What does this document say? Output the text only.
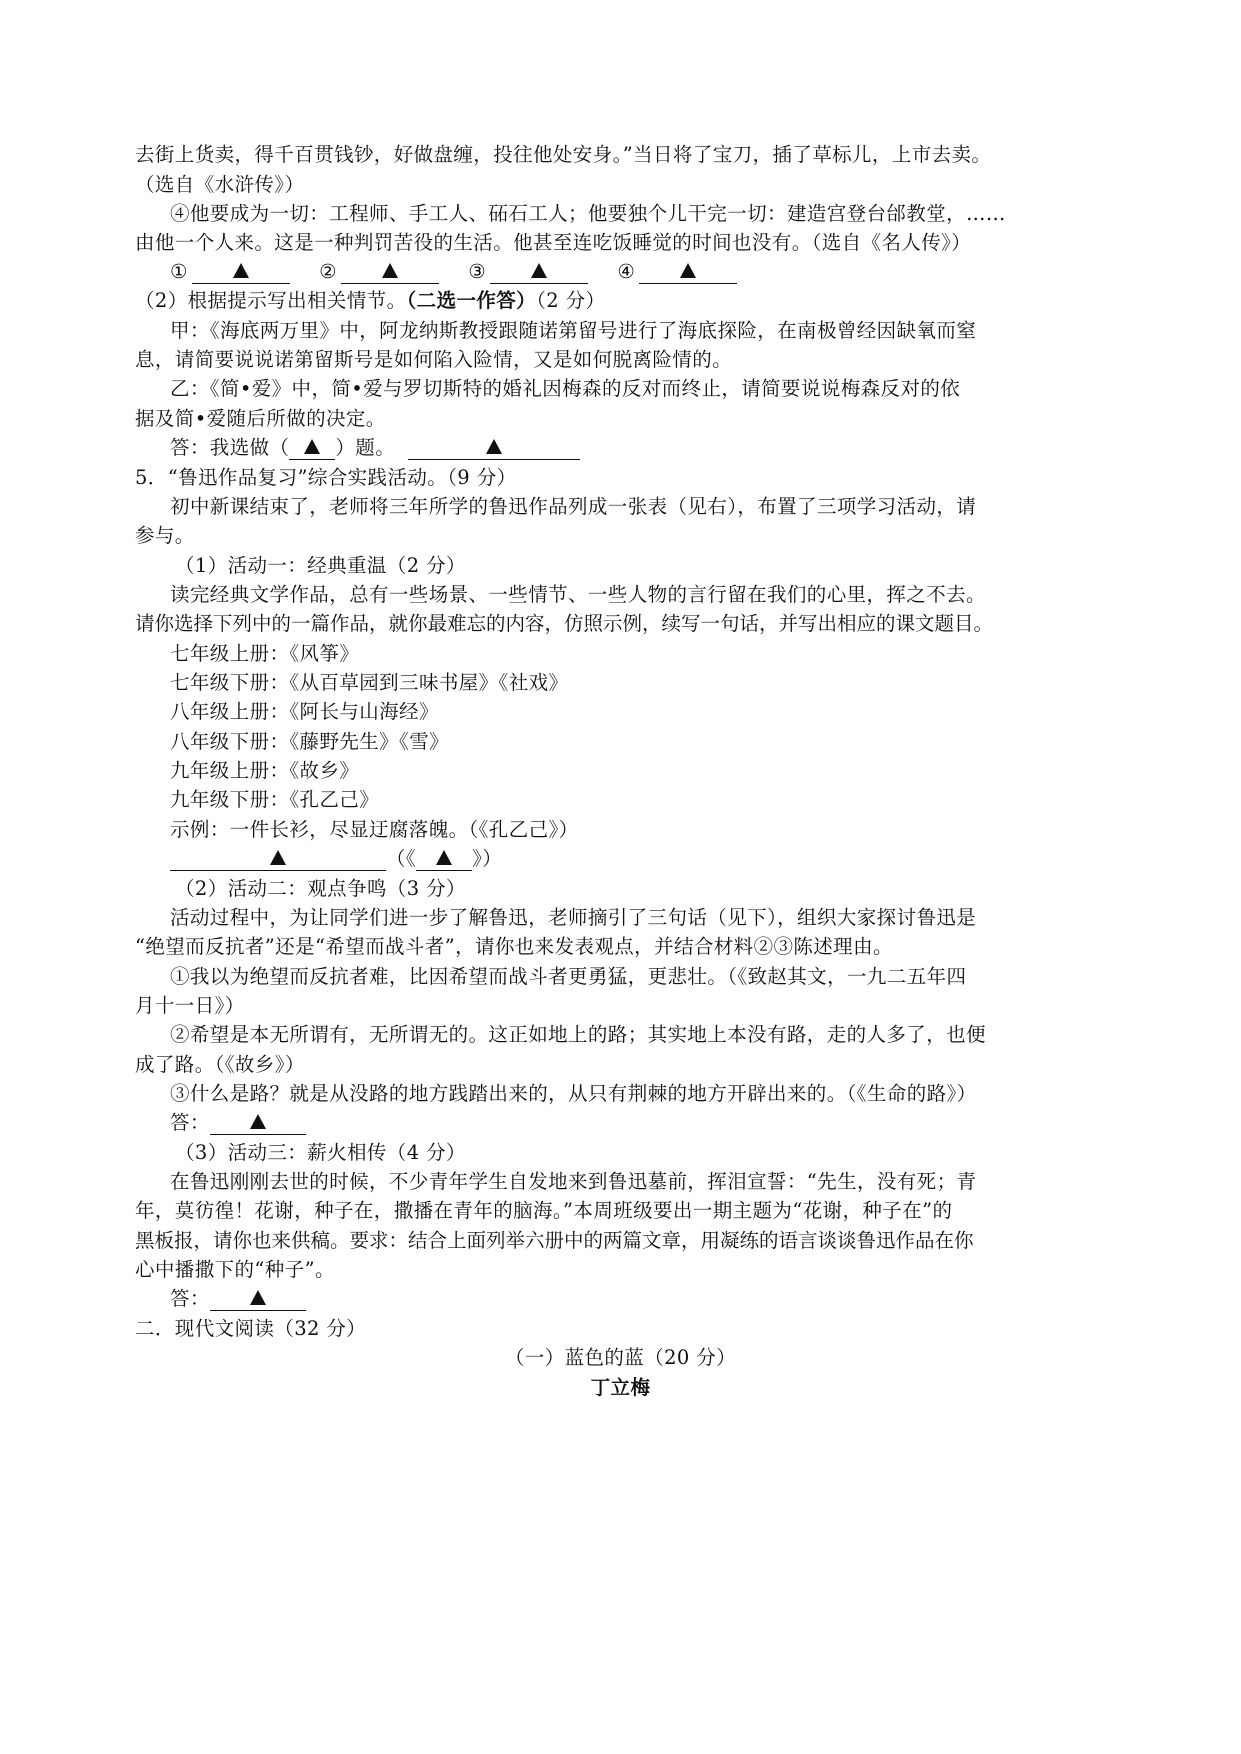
去街上货卖，得千百贯钱钞，好做盘缠，投往他处安身。”当日将了宝刀，插了草标儿，上市去卖。
（选自《水浒传》）
④他要成为一切：工程师、手工人、砳石工人；他要独个儿干完一切：建造宫登台邰教堂，……
由他一个人来。这是一种判罚苦役的生活。他甚至连吃饭睡觉的时间也没有。（选自《名人传》）
①	②	③	④
（2）根据提示写出相关情节。（二选一作答）（2 分）
甲：《海底两万里》中，阿龙纳斯教授跟随诺第留号进行了海底探险，在南极曾经因缺氧而窒
息，请简要说说诺第留斯号是如何陷入险情，又是如何脱离险情的。
乙：《简•爱》中，简•爱与罗切斯特的婚礼因梅森的反对而终止，请简要说说梅森反对的依
据及简•爱随后所做的决定。
答：我选做（ ）题。
5．“鲁迅作品复习”综合实践活动。（9 分）
初中新课结束了，老师将三年所学的鲁迅作品列成一张表（见右），布置了三项学习活动，请
参与。
（1）活动一：经典重温（2 分）
读完经典文学作品，总有一些场景、一些情节、一些人物的言行留在我们的心里，挥之不去。
请你选择下列中的一篇作品，就你最难忘的内容，仿照示例，续写一句话，并写出相应的课文题目。
七年级上册：《风筝》
七年级下册：《从百草园到三味书屋》《社戏》
八年级上册：《阿长与山海经》
八年级下册：《藤野先生》《雪》
九年级上册：《故乡》
九年级下册：《孔乙己》
示例：一件长衫，尽显迂腐落魄。（《孔乙己》）
（《	》）
（2）活动二：观点争鸣（3 分）
活动过程中，为让同学们进一步了解鲁迅，老师摘引了三句话（见下），组织大家探讨鲁迅是
“绝望而反抗者”还是“希望而战斗者”，请你也来发表观点，并结合材料②③陈述理由。
①我以为绝望而反抗者难，比因希望而战斗者更勇猛，更悲壮。（《致赵其文，一九二五年四
月十一日》）
②希望是本无所谓有，无所谓无的。这正如地上的路；其实地上本没有路，走的人多了，也便
成了路。（《故乡》）
③什么是路？就是从没路的地方践踏出来的，从只有荆棘的地方开辟出来的。（《生命的路》）
答：
（3）活动三：薪火相传（4 分）
在鲁迅刚刚去世的时候，不少青年学生自发地来到鲁迅墓前，挥泪宣誓：“先生，没有死；青
年，莫彷徨！花谢，种子在，撒播在青年的脑海。”本周班级要出一期主题为“花谢，种子在”的
黑板报，请你也来供稿。要求：结合上面列举六册中的两篇文章，用凝练的语言谈谈鲁迅作品在你
心中播撒下的“种子”。
答：
二．现代文阅读（32 分）
（一）蓝色的蓝（20 分）
丁立梅
